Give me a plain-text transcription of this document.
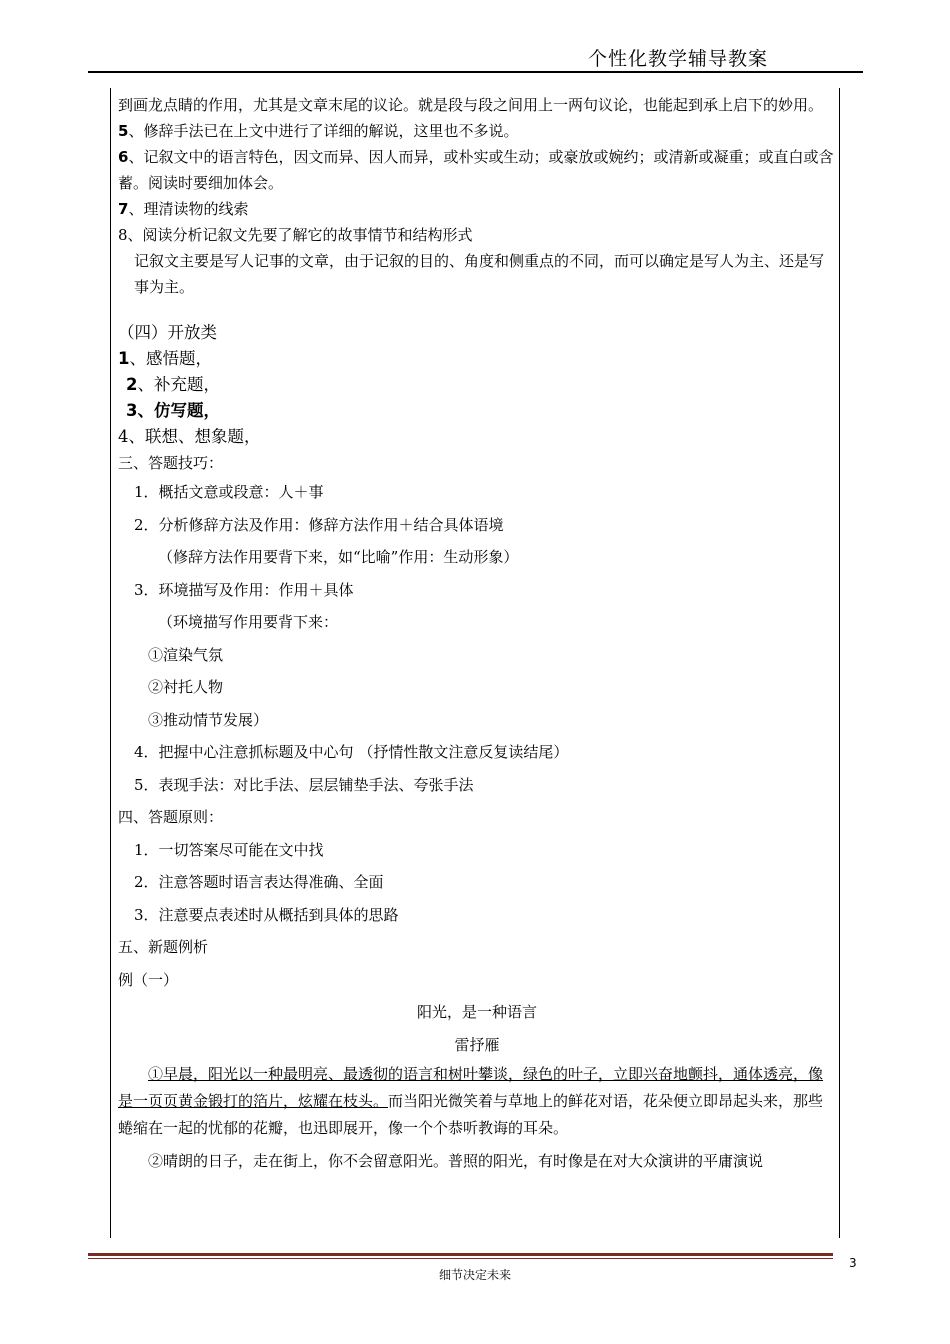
个性化教学辅导教案

到画龙点睛的作用，尤其是文章末尾的议论。就是段与段之间用上一两句议论，也能起到承上启下的妙用。

5、修辞手法已在上文中进行了详细的解说，这里也不多说。

6、记叙文中的语言特色，因文而异、因人而异，或朴实或生动；或豪放或婉约；或清新或凝重；或直白或含蓄。阅读时要细加体会。

7、理清读物的线索

8、阅读分析记叙文先要了解它的故事情节和结构形式

记叙文主要是写人记事的文章，由于记叙的目的、角度和侧重点的不同，而可以确定是写人为主、还是写事为主。

（四）开放类

1、感悟题，

2、补充题，

3、仿写题，

4、联想、想象题，

三、答题技巧：

1．概括文意或段意：人＋事

2．分析修辞方法及作用：修辞方法作用＋结合具体语境

（修辞方法作用要背下来，如“比喻”作用：生动形象）

3．环境描写及作用：作用＋具体

（环境描写作用要背下来：

①渲染气氛

②衬托人物

③推动情节发展）

4．把握中心注意抓标题及中心句 （抒情性散文注意反复读结尾）

5．表现手法：对比手法、层层铺垫手法、夸张手法

四、答题原则：

1．一切答案尽可能在文中找

2．注意答题时语言表达得准确、全面

3．注意要点表述时从概括到具体的思路

五、新题例析

例（一）

阳光，是一种语言

雷抒雁

①早晨，阳光以一种最明亮、最透彻的语言和树叶攀谈，绿色的叶子，立即兴奋地颤抖，通体透亮，像是一页页黄金锻打的箔片，炫耀在枝头。而当阳光微笑着与草地上的鲜花对语，花朵便立即昂起头来，那些蜷缩在一起的忧郁的花瓣，也迅即展开，像一个个恭听教诲的耳朵。

②晴朗的日子，走在街上，你不会留意阳光。普照的阳光，有时像是在对大众演讲的平庸演说

3
细节决定未来
